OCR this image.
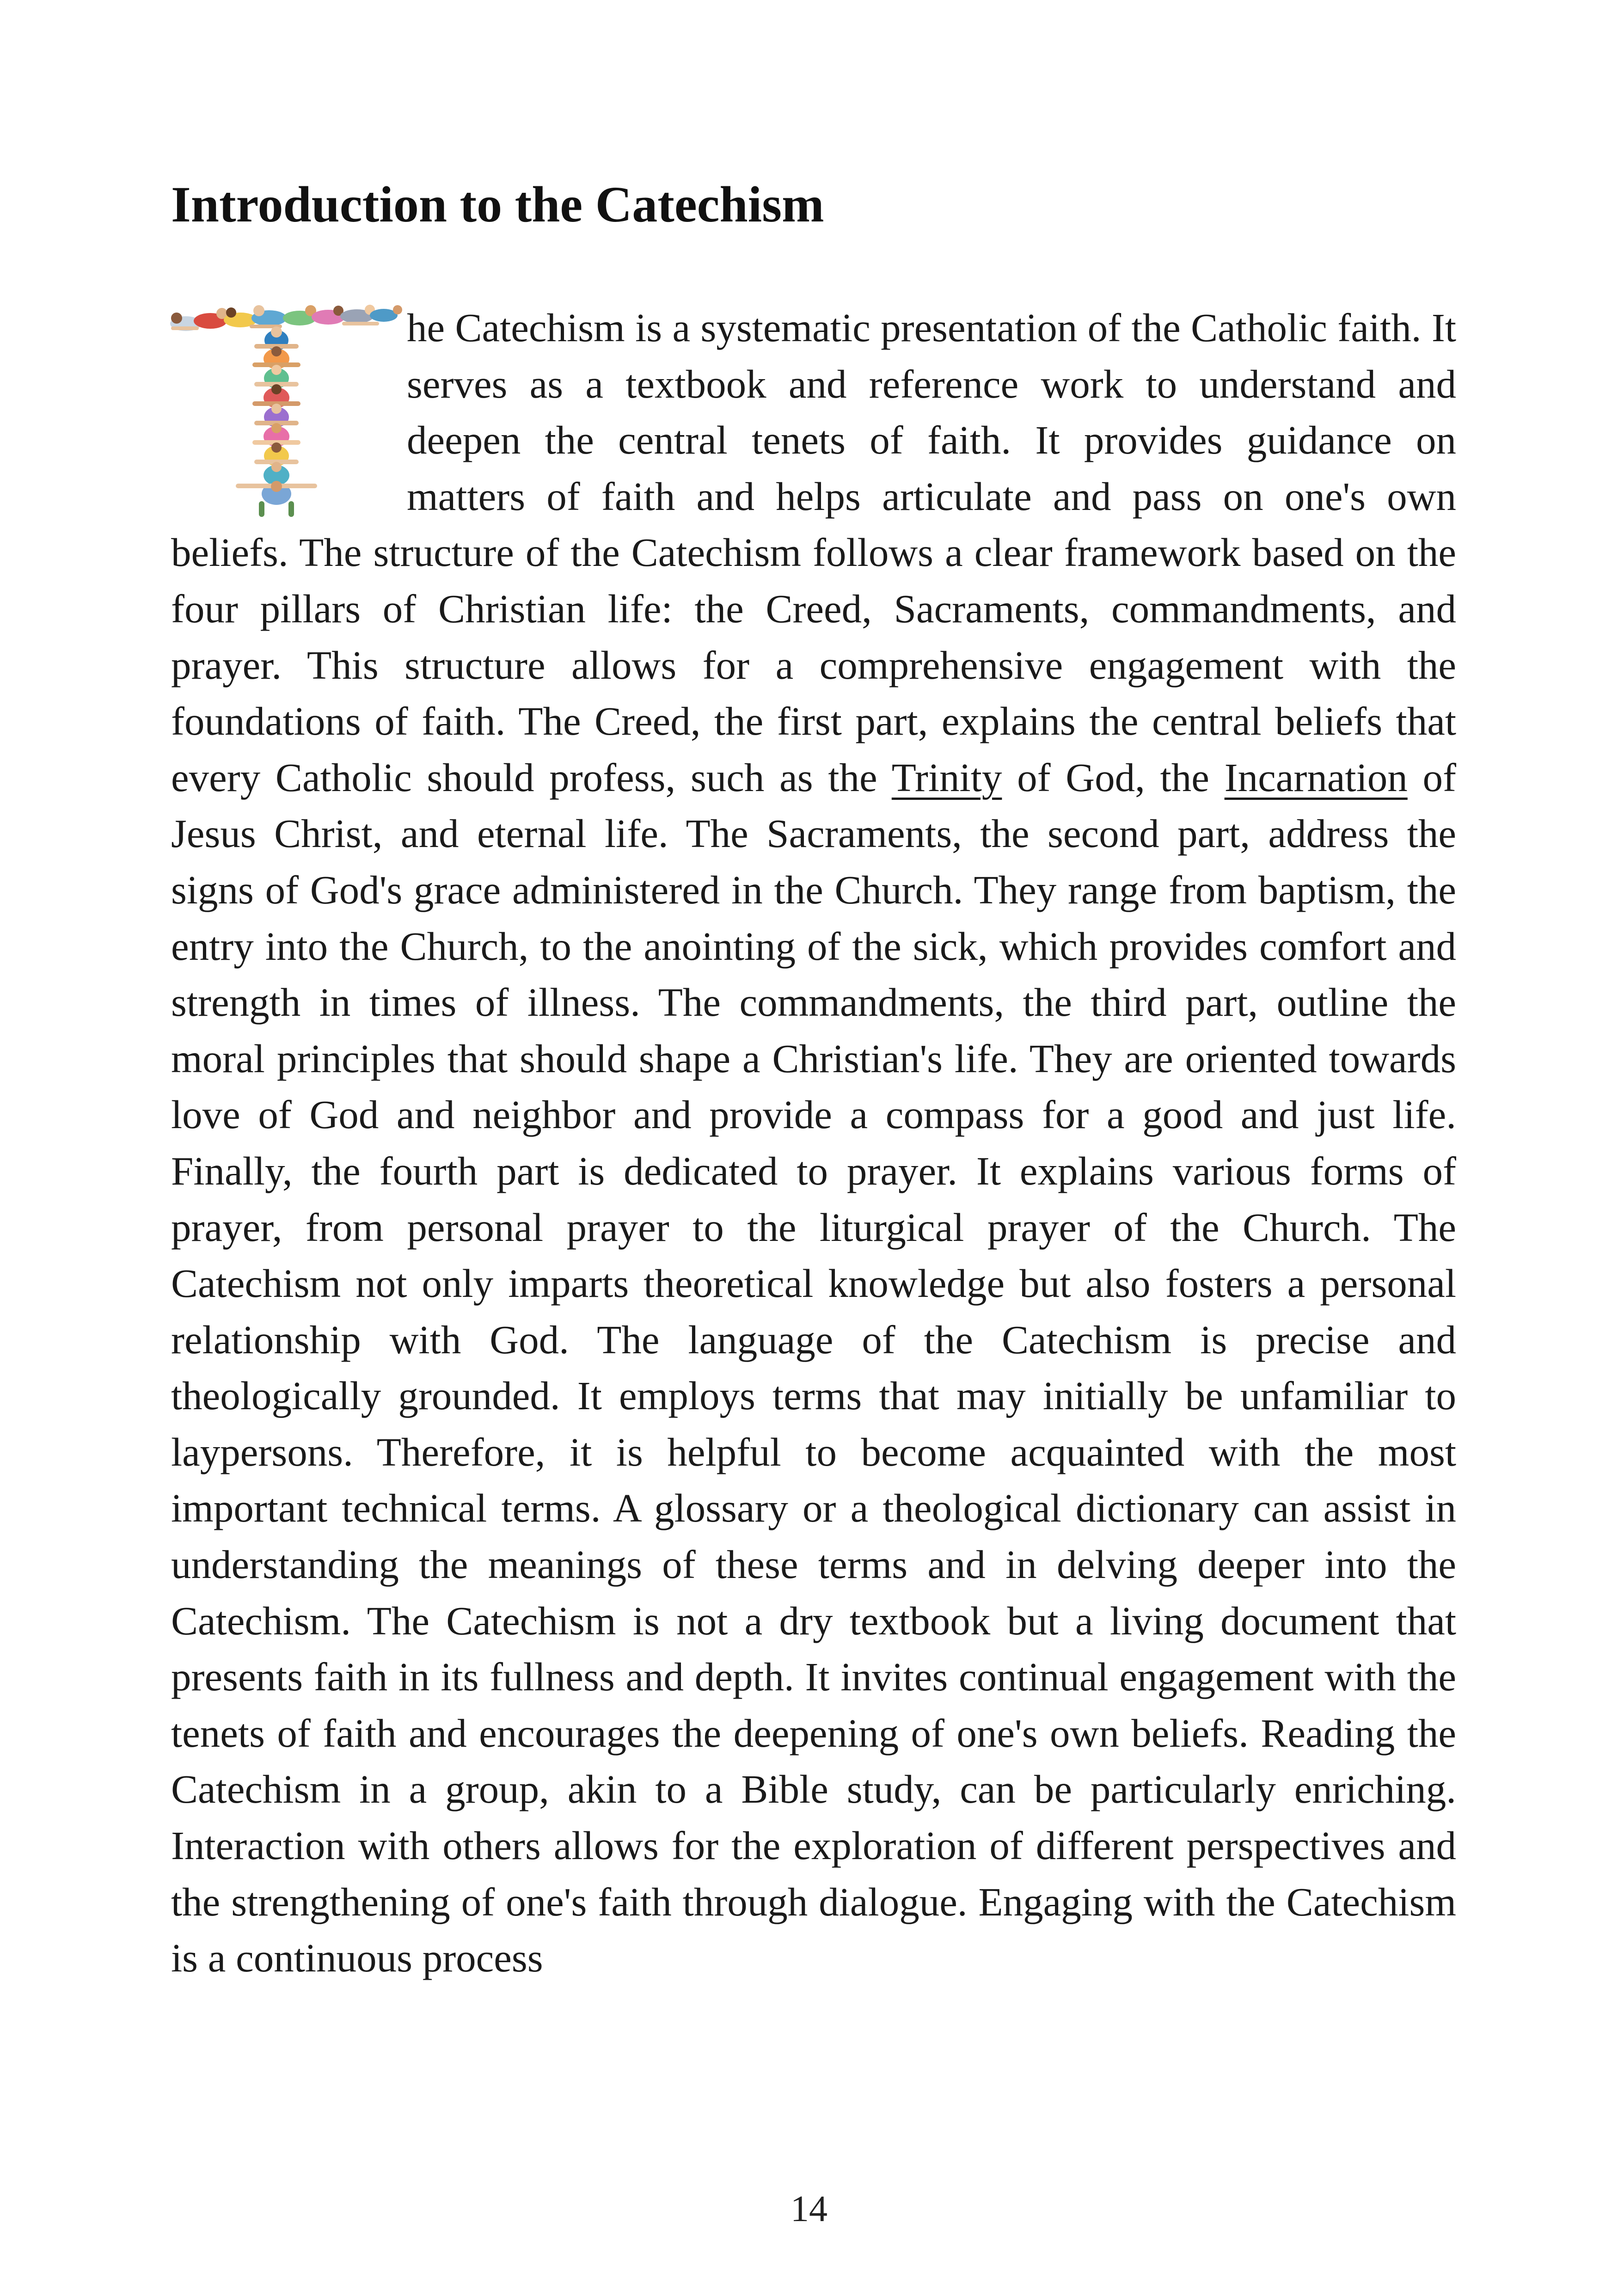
Introduction to the Catechism

he Catechism is a systematic presentation of the Catholic faith. It serves as a textbook and reference work to understand and deepen the central tenets of faith. It provides guidance on matters of faith and helps articulate and pass on one's own beliefs. The structure of the Catechism follows a clear framework based on the four pillars of Christian life: the Creed, Sacraments, commandments, and prayer. This structure allows for a comprehensive engagement with the foundations of faith. The Creed, the first part, explains the central beliefs that every Catholic should profess, such as the Trinity of God, the Incarnation of Jesus Christ, and eternal life. The Sacraments, the second part, address the signs of God's grace administered in the Church. They range from baptism, the entry into the Church, to the anointing of the sick, which provides comfort and strength in times of illness. The commandments, the third part, outline the moral principles that should shape a Christian's life. They are oriented towards love of God and neighbor and provide a compass for a good and just life. Finally, the fourth part is dedicated to prayer. It explains various forms of prayer, from personal prayer to the liturgical prayer of the Church. The Catechism not only imparts theoretical knowledge but also fosters a personal relationship with God. The language of the Catechism is precise and theologically grounded. It employs terms that may initially be unfamiliar to laypersons. Therefore, it is helpful to become acquainted with the most important technical terms. A glossary or a theological dictionary can assist in understanding the meanings of these terms and in delving deeper into the Catechism. The Catechism is not a dry textbook but a living document that presents faith in its fullness and depth. It invites continual engagement with the tenets of faith and encourages the deepening of one's own beliefs. Reading the Catechism in a group, akin to a Bible study, can be particularly enriching. Interaction with others allows for the exploration of different perspectives and the strengthening of one's faith through dialogue. Engaging with the Catechism is a continuous process

14
